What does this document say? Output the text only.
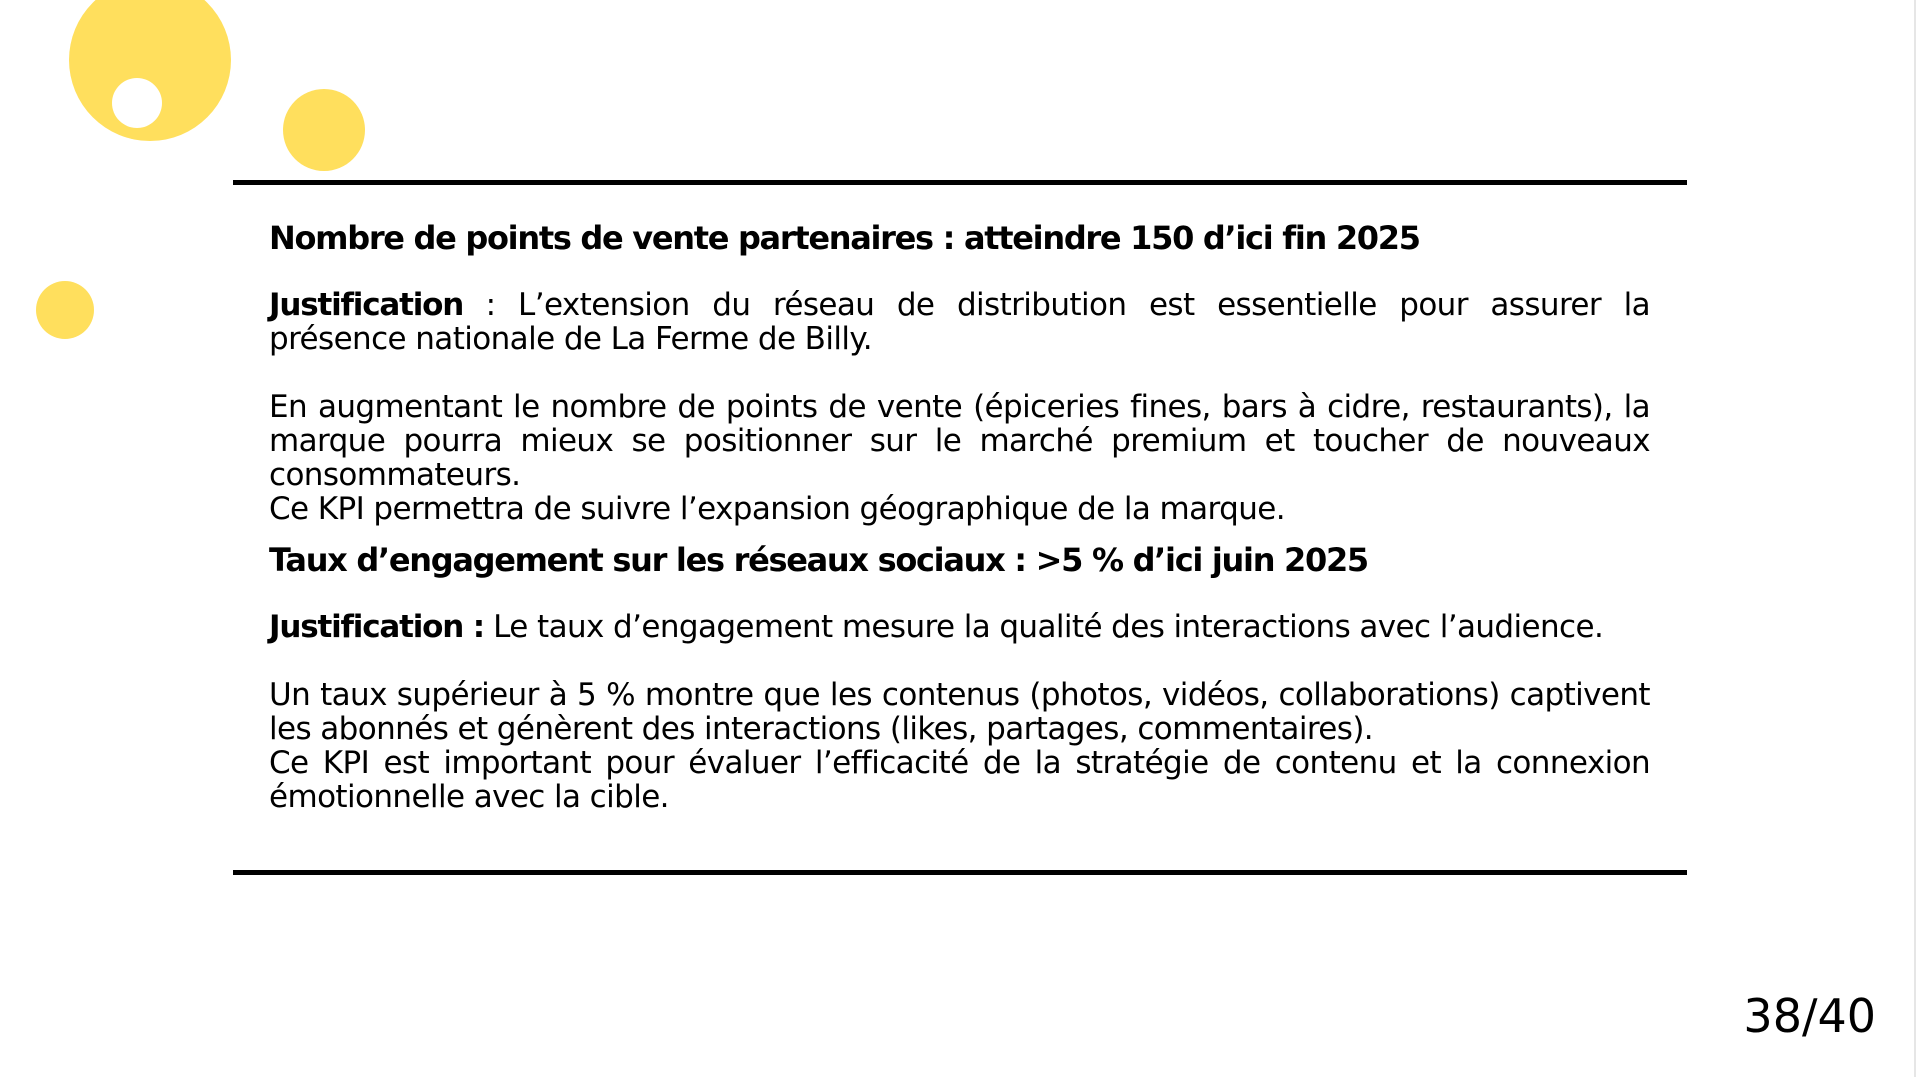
Nombre de points de vente partenaires : atteindre 150 d’ici fin 2025

Justification : L’extension du réseau de distribution est essentielle pour assurer la présence nationale de La Ferme de Billy.

En augmentant le nombre de points de vente (épiceries fines, bars à cidre, restaurants), la marque pourra mieux se positionner sur le marché premium et toucher de nouveaux consommateurs.

Ce KPI permettra de suivre l’expansion géographique de la marque.

Taux d’engagement sur les réseaux sociaux : >5 % d’ici juin 2025

Justification : Le taux d’engagement mesure la qualité des interactions avec l’audience.

Un taux supérieur à 5 % montre que les contenus (photos, vidéos, collaborations) captivent les abonnés et génèrent des interactions (likes, partages, commentaires).

Ce KPI est important pour évaluer l’efficacité de la stratégie de contenu et la connexion émotionnelle avec la cible.

38/40
